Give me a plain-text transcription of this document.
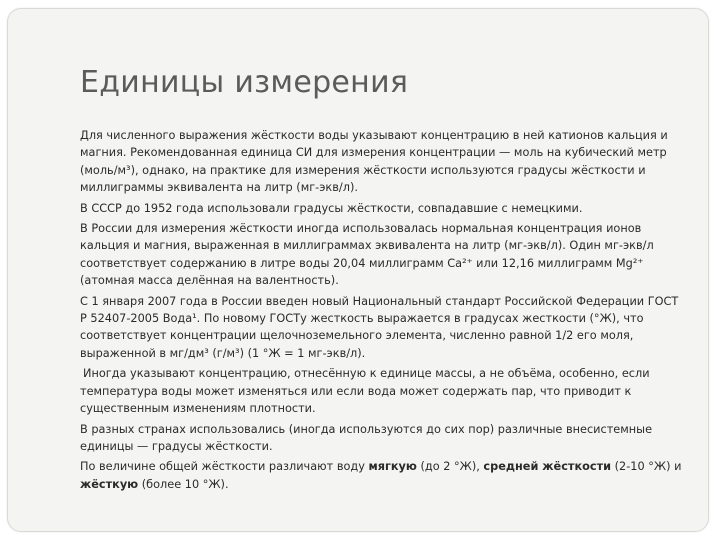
Единицы измерения

Для численного выражения жёсткости воды указывают концентрацию в ней катионов кальция и магния. Рекомендованная единица СИ для измерения концентрации — моль на кубический метр (моль/м³), однако, на практике для измерения жёсткости используются градусы жёсткости и миллиграммы эквивалента на литр (мг-экв/л).

В СССР до 1952 года использовали градусы жёсткости, совпадавшие с немецкими.

В России для измерения жёсткости иногда использовалась нормальная концентрация ионов кальция и магния, выраженная в миллиграммах эквивалента на литр (мг-экв/л). Один мг-экв/л соответствует содержанию в литре воды 20,04 миллиграмм Ca²⁺ или 12,16 миллиграмм Mg²⁺ (атомная масса делённая на валентность).

С 1 января 2007 года в России введен новый Национальный стандарт Российской Федерации ГОСТ Р 52407-2005 Вода¹. По новому ГОСТу жесткость выражается в градусах жесткости (°Ж), что соответствует концентрации щелочноземельного элемента, численно равной 1/2 его моля, выраженной в мг/дм³ (г/м³) (1 °Ж = 1 мг-экв/л).

Иногда указывают концентрацию, отнесённую к единице массы, а не объёма, особенно, если температура воды может изменяться или если вода может содержать пар, что приводит к существенным изменениям плотности.

В разных странах использовались (иногда используются до сих пор) различные внесистемные единицы — градусы жёсткости.

По величине общей жёсткости различают воду мягкую (до 2 °Ж), средней жёсткости (2-10 °Ж) и жёсткую (более 10 °Ж).
